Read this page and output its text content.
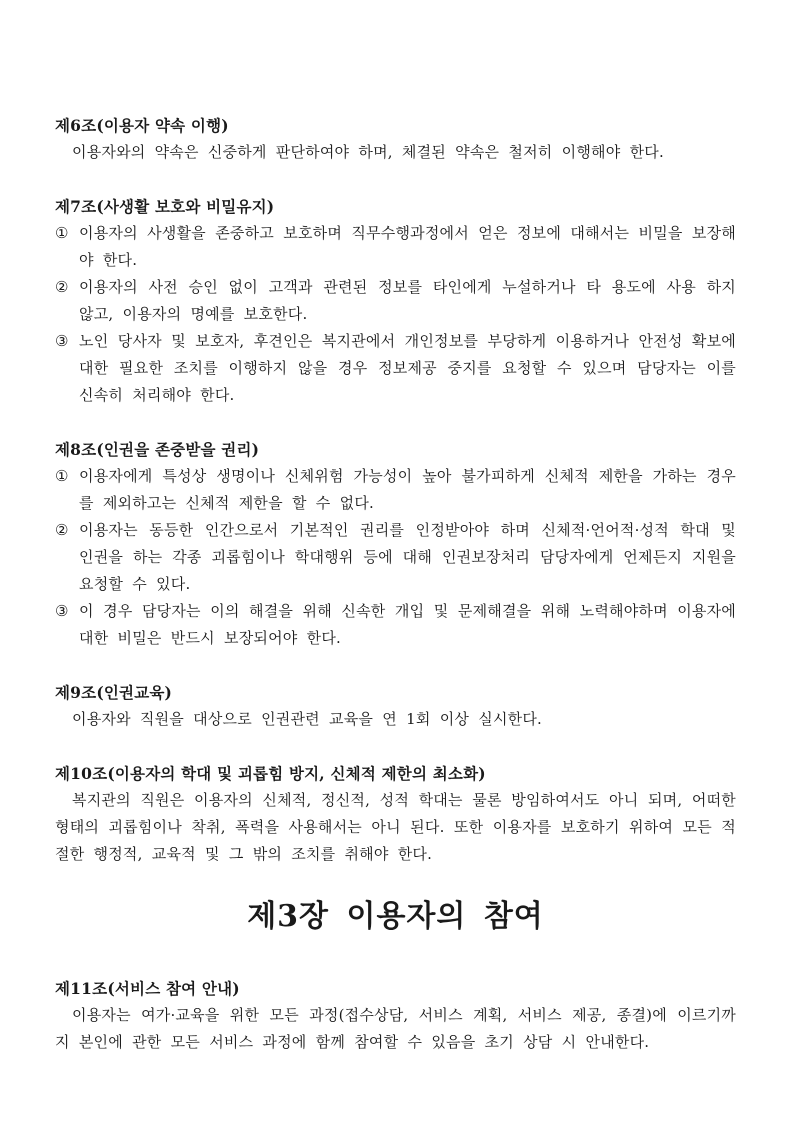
제6조(이용자 약속 이행)

이용자와의 약속은 신중하게 판단하여야 하며, 체결된 약속은 철저히 이행해야 한다.

제7조(사생활 보호와 비밀유지)
① 이용자의 사생활을 존중하고 보호하며 직무수행과정에서 얻은 정보에 대해서는 비밀을 보장해야 한다.
② 이용자의 사전 승인 없이 고객과 관련된 정보를 타인에게 누설하거나 타 용도에 사용 하지 않고, 이용자의 명예를 보호한다.
③ 노인 당사자 및 보호자, 후견인은 복지관에서 개인정보를 부당하게 이용하거나 안전성 확보에 대한 필요한 조치를 이행하지 않을 경우 정보제공 중지를 요청할 수 있으며 담당자는 이를 신속히 처리해야 한다.
제8조(인권을 존중받을 권리)
① 이용자에게 특성상 생명이나 신체위험 가능성이 높아 불가피하게 신체적 제한을 가하는 경우를 제외하고는 신체적 제한을 할 수 없다.
② 이용자는 동등한 인간으로서 기본적인 권리를 인정받아야 하며 신체적·언어적·성적 학대 및 인권을 하는 각종 괴롭힘이나 학대행위 등에 대해 인권보장처리 담당자에게 언제든지 지원을 요청할 수 있다.
③ 이 경우 담당자는 이의 해결을 위해 신속한 개입 및 문제해결을 위해 노력해야하며 이용자에 대한 비밀은 반드시 보장되어야 한다.
제9조(인권교육)

이용자와 직원을 대상으로 인권관련 교육을 연 1회 이상 실시한다.

제10조(이용자의 학대 및 괴롭힘 방지, 신체적 제한의 최소화)

복지관의 직원은 이용자의 신체적, 정신적, 성적 학대는 물론 방임하여서도 아니 되며, 어떠한 형태의 괴롭힘이나 착취, 폭력을 사용해서는 아니 된다. 또한 이용자를 보호하기 위하여 모든 적절한 행정적, 교육적 및 그 밖의 조치를 취해야 한다.

제3장 이용자의 참여
제11조(서비스 참여 안내)

이용자는 여가·교육을 위한 모든 과정(접수상담, 서비스 계획, 서비스 제공, 종결)에 이르기까지 본인에 관한 모든 서비스 과정에 함께 참여할 수 있음을 초기 상담 시 안내한다.
